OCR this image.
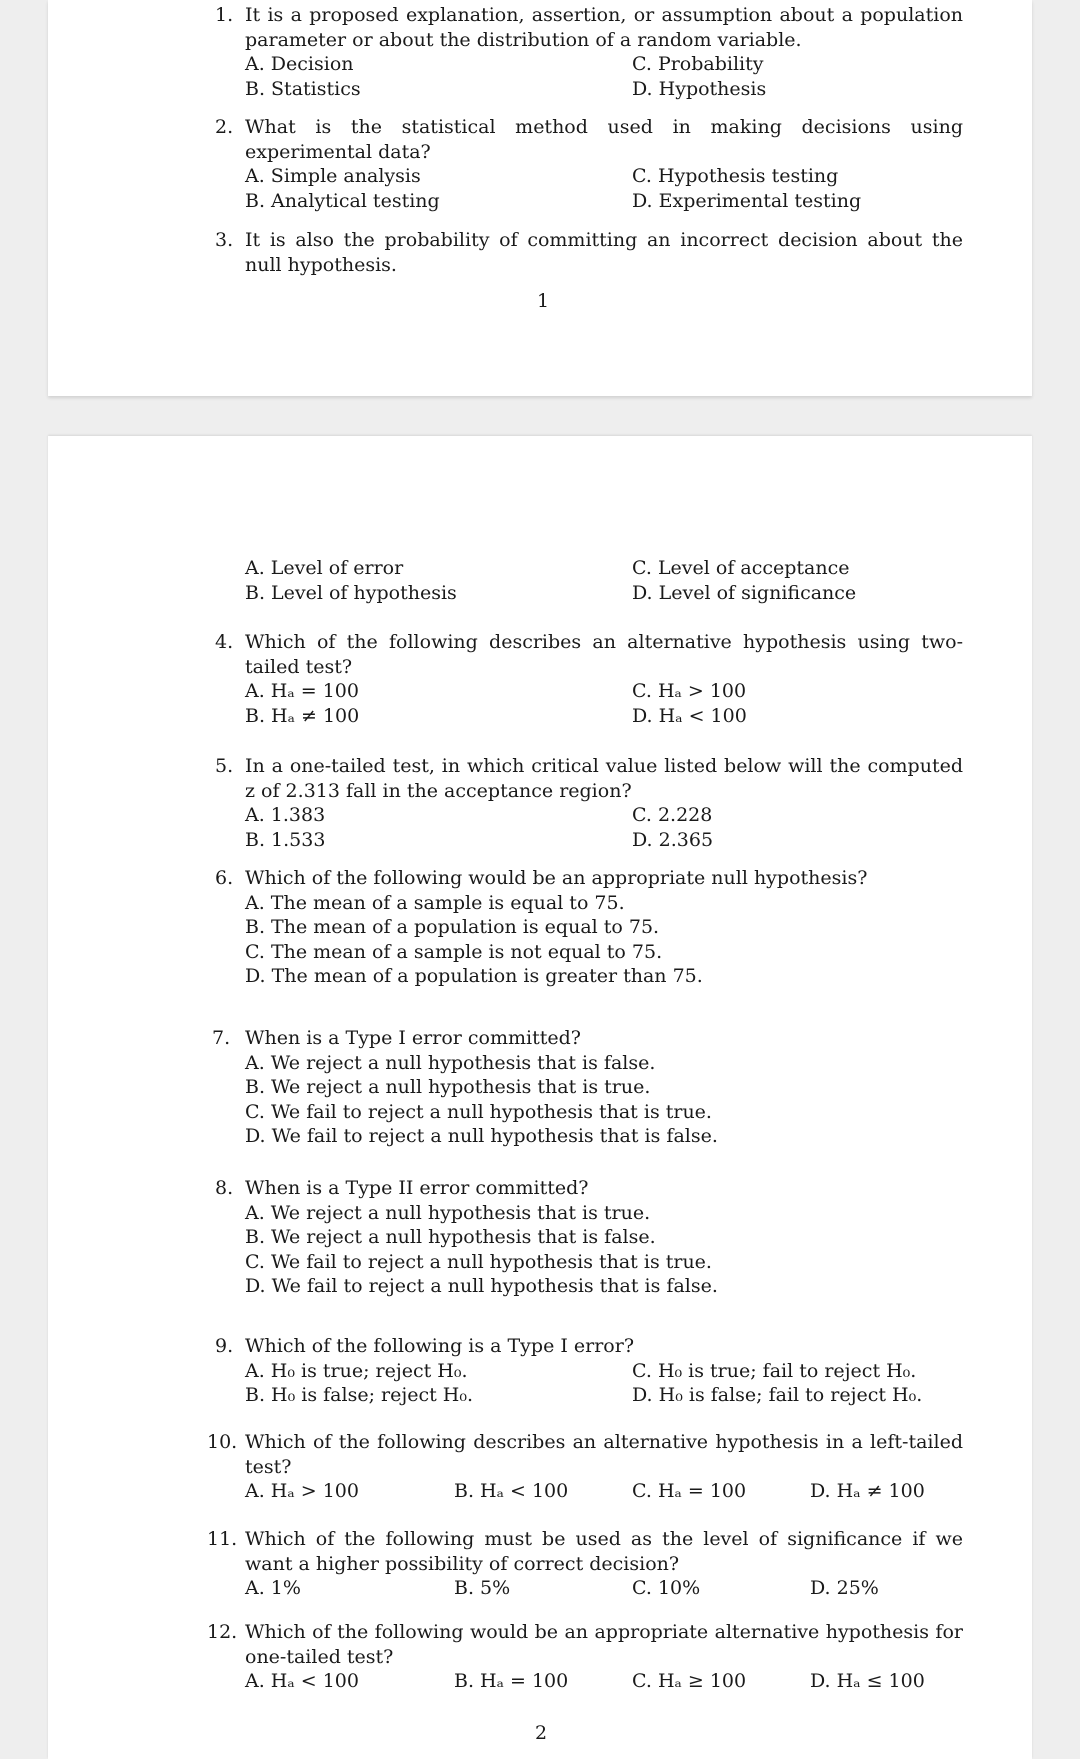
1. It is a proposed explanation, assertion, or assumption about a population parameter or about the distribution of a random variable.
A. Decision	C. Probability
B. Statistics	D. Hypothesis
2. What is the statistical method used in making decisions using experimental data?
A. Simple analysis	C. Hypothesis testing
B. Analytical testing	D. Experimental testing
3. It is also the probability of committing an incorrect decision about the null hypothesis.
1
A. Level of error	C. Level of acceptance
B. Level of hypothesis	D. Level of significance
4. Which of the following describes an alternative hypothesis using two-tailed test?
A. Hₐ = 100	C. Hₐ > 100
B. Hₐ ≠ 100	D. Hₐ < 100
5. In a one-tailed test, in which critical value listed below will the computed z of 2.313 fall in the acceptance region?
A. 1.383	C. 2.228
B. 1.533	D. 2.365
6. Which of the following would be an appropriate null hypothesis?
A. The mean of a sample is equal to 75.
B. The mean of a population is equal to 75.
C. The mean of a sample is not equal to 75.
D. The mean of a population is greater than 75.
7. When is a Type I error committed?
A. We reject a null hypothesis that is false.
B. We reject a null hypothesis that is true.
C. We fail to reject a null hypothesis that is true.
D. We fail to reject a null hypothesis that is false.
8. When is a Type II error committed?
A. We reject a null hypothesis that is true.
B. We reject a null hypothesis that is false.
C. We fail to reject a null hypothesis that is true.
D. We fail to reject a null hypothesis that is false.
9. Which of the following is a Type I error?
A. H₀ is true; reject H₀.	C. H₀ is true; fail to reject H₀.
B. H₀ is false; reject H₀.	D. H₀ is false; fail to reject H₀.
10. Which of the following describes an alternative hypothesis in a left-tailed test?
A. Hₐ > 100	B. Hₐ < 100	C. Hₐ = 100	D. Hₐ ≠ 100
11. Which of the following must be used as the level of significance if we want a higher possibility of correct decision?
A. 1%	B. 5%	C. 10%	D. 25%
12. Which of the following would be an appropriate alternative hypothesis for one-tailed test?
A. Hₐ < 100	B. Hₐ = 100	C. Hₐ ≥ 100	D. Hₐ ≤ 100
2
